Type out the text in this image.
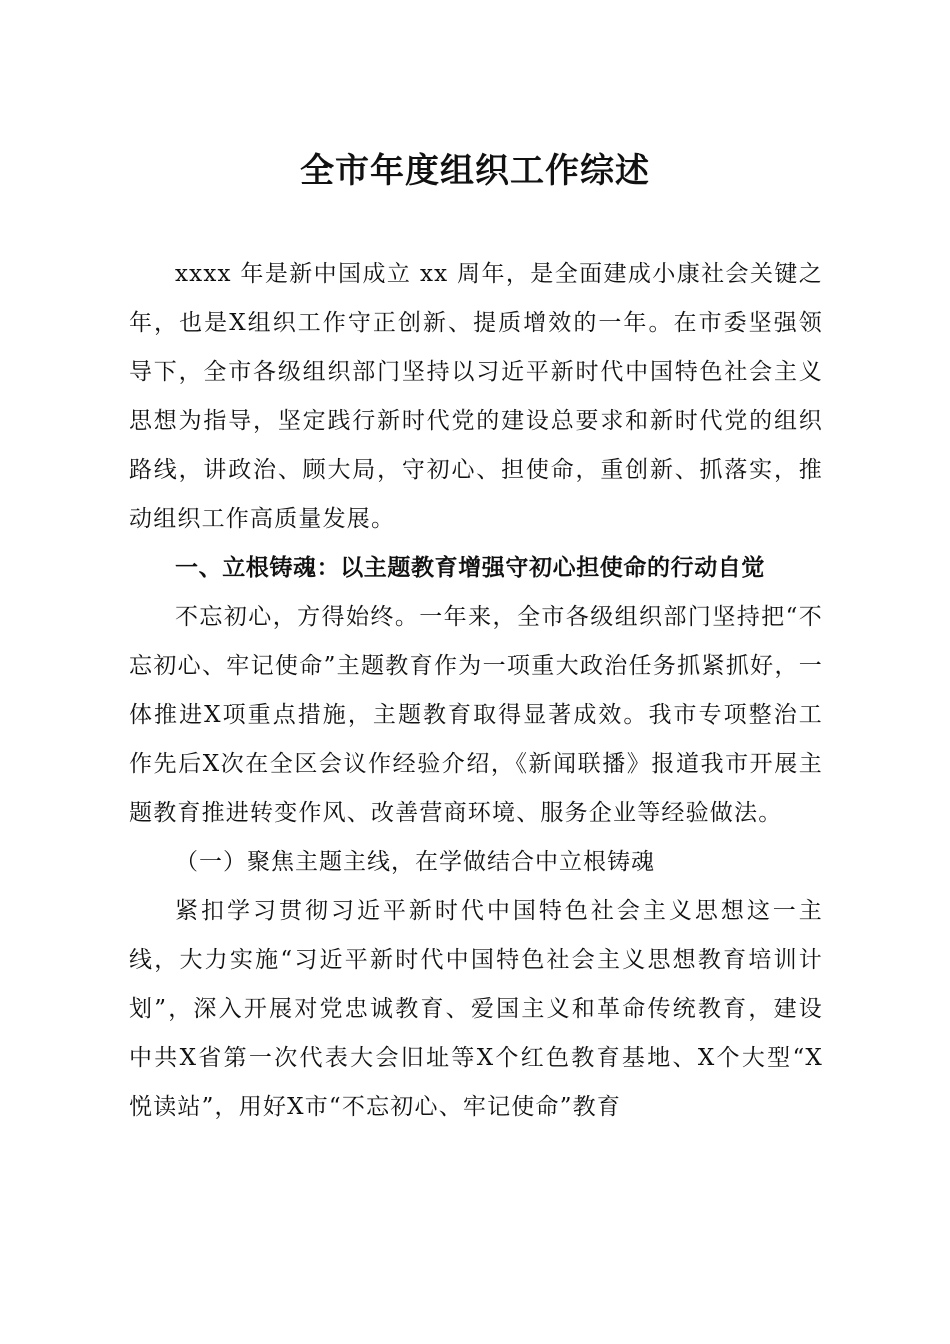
全市年度组织工作综述

xxxx 年是新中国成立 xx 周年，是全面建成小康社会关键之年，也是X组织工作守正创新、提质增效的一年。在市委坚强领 导下，全市各级组织部门坚持以习近平新时代中国特色社会主义 思想为指导，坚定践行新时代党的建设总要求和新时代党的组织 路线，讲政治、顾大局，守初心、担使命，重创新、抓落实，推 动组织工作高质量发展。

一、立根铸魂：以主题教育增强守初心担使命的行动自觉

不忘初心，方得始终。一年来，全市各级组织部门坚持把“不忘初心、牢记使命”主题教育作为一项重大政治任务抓紧抓好，一体推进X项重点措施，主题教育取得显著成效。我市专项整治工作先后X次在全区会议作经验介绍，《新闻联播》报道我市开展主题教育推进转变作风、改善营商环境、服务企业等经验做法。

（一）聚焦主题主线，在学做结合中立根铸魂

紧扣学习贯彻习近平新时代中国特色社会主义思想这一主线，大力实施“习近平新时代中国特色社会主义思想教育培训计划”，深入开展对党忠诚教育、爱国主义和革命传统教育，建设 中共X省第一次代表大会旧址等X个红色教育基地、X个大型“X  悦读站”，用好X市“不忘初心、牢记使命”教育
